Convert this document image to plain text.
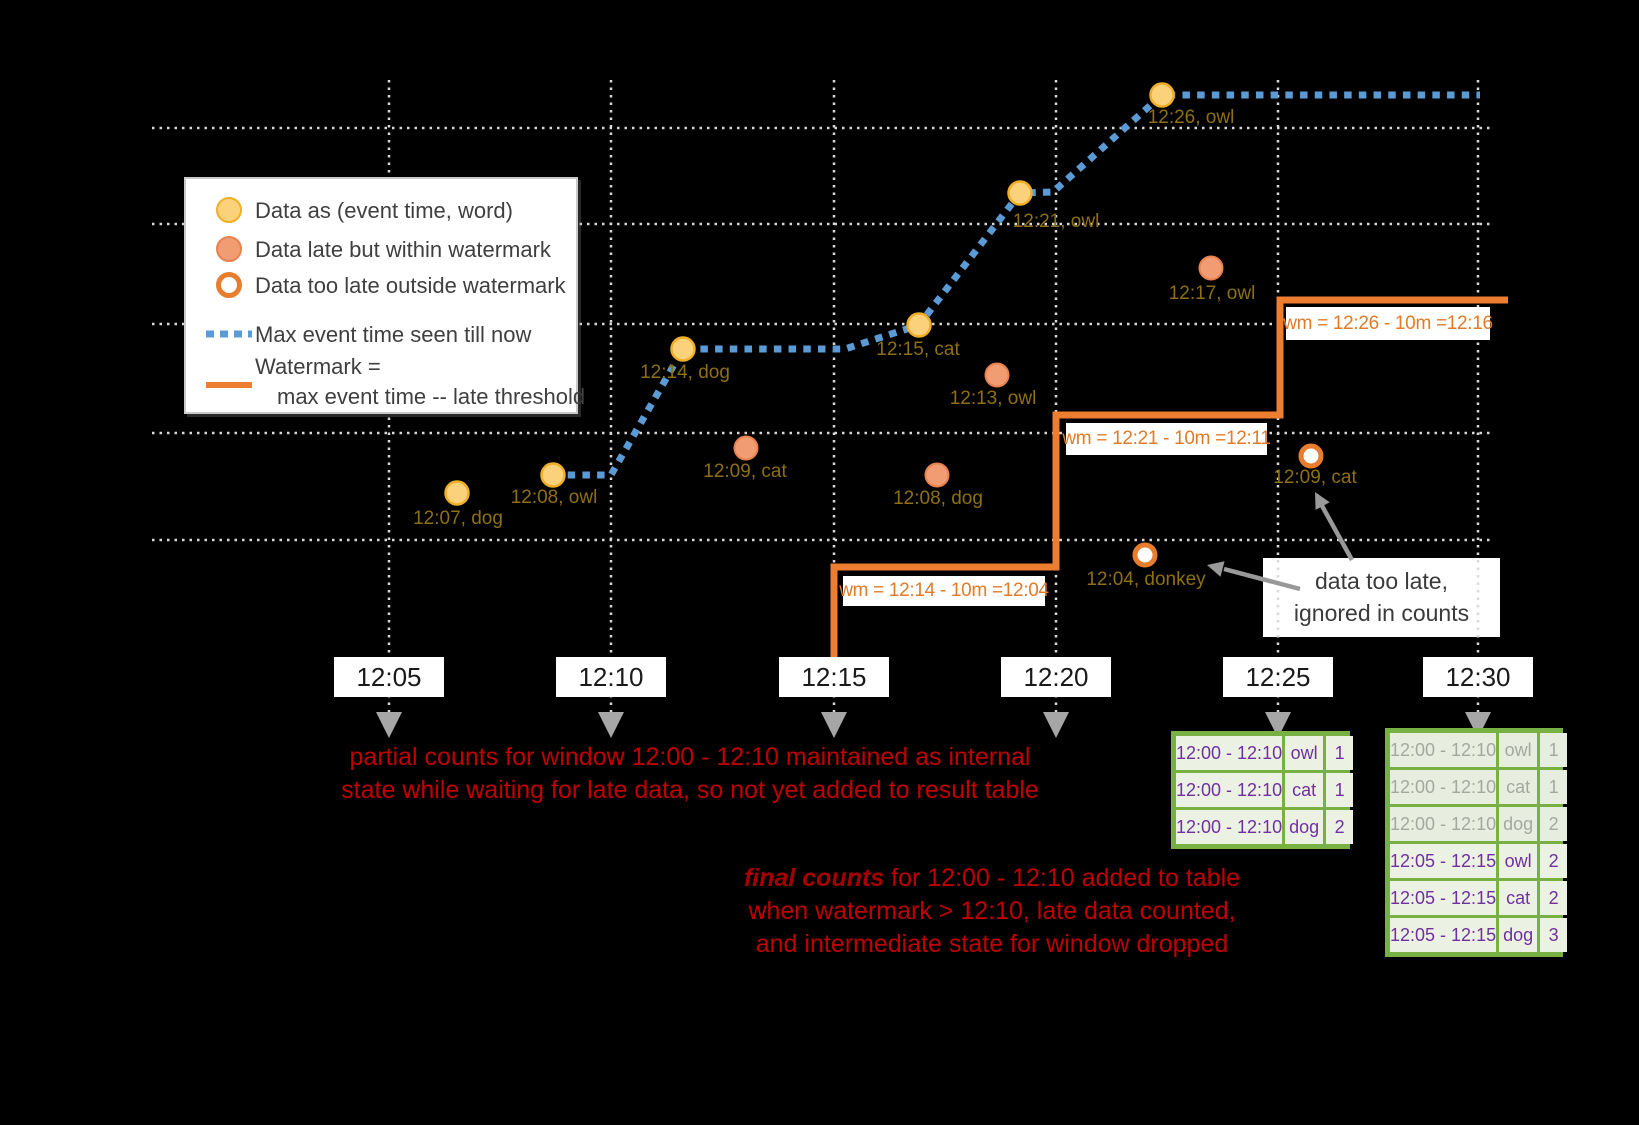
data too late,
ignored in counts
Data as (event time, word)
Data late but within watermark
Data too late outside watermark
Max event time seen till now
Watermark =
max event time -- late threshold
partial counts for window 12:00 - 12:10 maintained as internal
state while waiting for late data, so not yet added to result table
final counts for 12:00 - 12:10 added to table
when watermark > 12:10, late data counted,
and intermediate state for window dropped
12:07, dog
12:08, owl
12:14, dog
12:15, cat
12:21, owl
12:26, owl
12:09, cat
12:08, dog
12:13, owl
12:17, owl
12:04, donkey
12:09, cat
12:05	12:10	12:15	12:20	12:25	12:30
wm = 12:14 - 10m =12:04
wm = 12:21 - 10m =12:11
wm = 12:26 - 10m =12:16
12:00 - 12:10 owl 1
12:00 - 12:10 cat	1
12:00 - 12:10 dog 2
12:00 - 12:10 owl 1
12:00 - 12:10 cat	1
12:00 - 12:10 dog 2
12:05 - 12:15 owl 2
12:05 - 12:15 cat	2
12:05 - 12:15 dog 3
